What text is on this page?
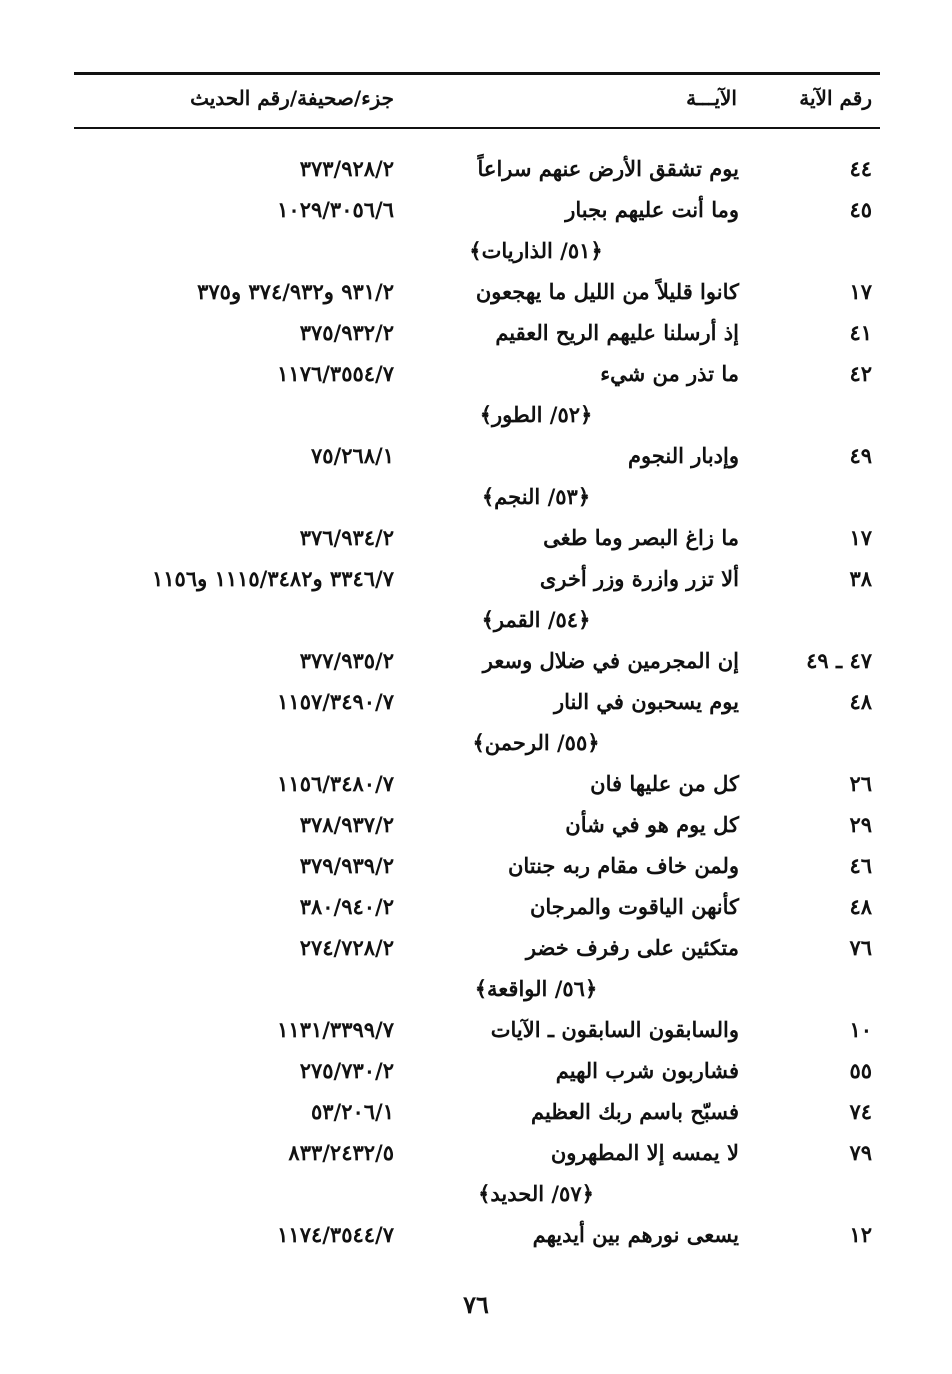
رقم الآية
الآيـــة
جزء/صحيفة/رقم الحديث
٤٤
يوم تشقق الأرض عنهم سراعاً
٣٧٣/٩٢٨/٢
٤٥
وما أنت عليهم بجبار
١٠٢٩/٣٠٥٦/٦
﴿٥١/ الذاريات﴾
١٧
كانوا قليلاً من الليل ما يهجعون
٩٣١/٢ و٣٧٤/٩٣٢ و٣٧٥
٤١
إذ أرسلنا عليهم الريح العقيم
٣٧٥/٩٣٢/٢
٤٢
ما تذر من شيء
١١٧٦/٣٥٥٤/٧
﴿٥٢/ الطور﴾
٤٩
وإدبار النجوم
٧٥/٢٦٨/١
﴿٥٣/ النجم﴾
١٧
ما زاغ البصر وما طغى
٣٧٦/٩٣٤/٢
٣٨
ألا تزر وازرة وزر أخرى
٣٣٤٦/٧ و١١١٥/٣٤٨٢ و١١٥٦
﴿٥٤/ القمر﴾
٤٧ ـ ٤٩
إن المجرمين في ضلال وسعر
٣٧٧/٩٣٥/٢
٤٨
يوم يسحبون في النار
١١٥٧/٣٤٩٠/٧
﴿٥٥/ الرحمن﴾
٢٦
كل من عليها فان
١١٥٦/٣٤٨٠/٧
٢٩
كل يوم هو في شأن
٣٧٨/٩٣٧/٢
٤٦
ولمن خاف مقام ربه جنتان
٣٧٩/٩٣٩/٢
٤٨
كأنهن الياقوت والمرجان
٣٨٠/٩٤٠/٢
٧٦
متكئين على رفرف خضر
٢٧٤/٧٢٨/٢
﴿٥٦/ الواقعة﴾
١٠
والسابقون السابقون ـ الآيات
١١٣١/٣٣٩٩/٧
٥٥
فشاربون شرب الهيم
٢٧٥/٧٣٠/٢
٧٤
فسبّح باسم ربك العظيم
٥٣/٢٠٦/١
٧٩
لا يمسه إلا المطهرون
٨٣٣/٢٤٣٢/٥
﴿٥٧/ الحديد﴾
١٢
يسعى نورهم بين أيديهم
١١٧٤/٣٥٤٤/٧
٧٦
